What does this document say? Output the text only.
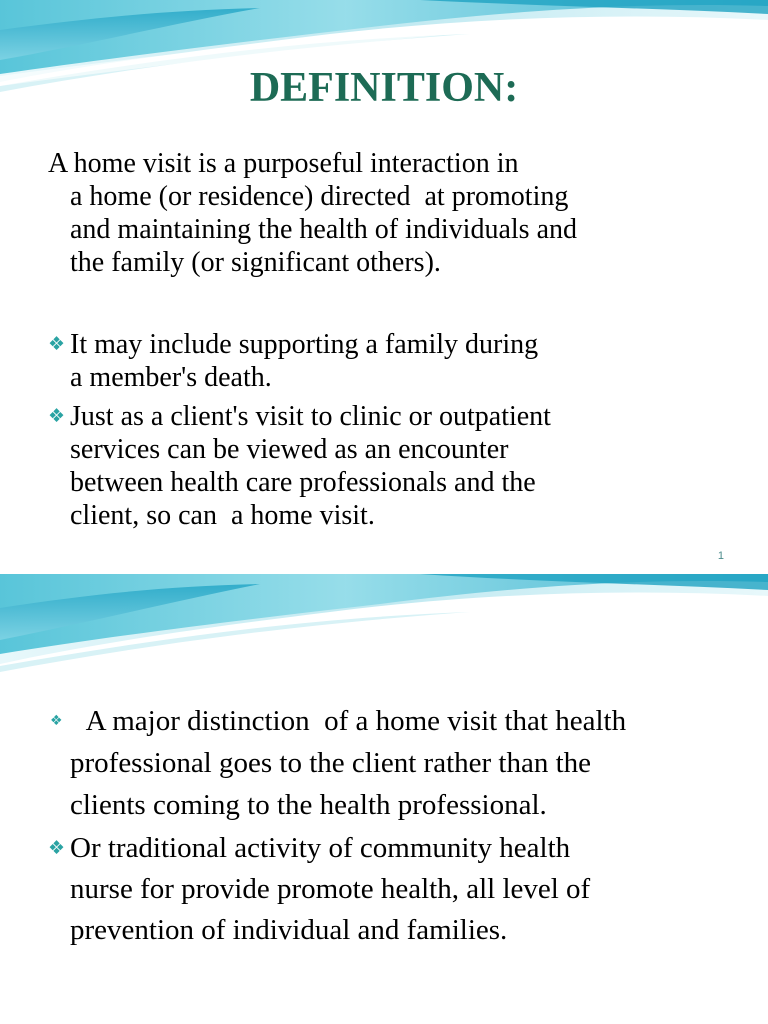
DEFINITION:
A home visit is a purposeful interaction in
a home (or residence) directed  at promoting
and maintaining the health of individuals and
the family (or significant others).
❖ It may include supporting a family during
a member's death.
❖ Just as a client's visit to clinic or outpatient
services can be viewed as an encounter
between health care professionals and the
client, so can  a home visit.
1
❖ A major distinction  of a home visit that health
professional goes to the client rather than the
clients coming to the health professional.
❖ Or traditional activity of community health
nurse for provide promote health, all level of
prevention of individual and families.
